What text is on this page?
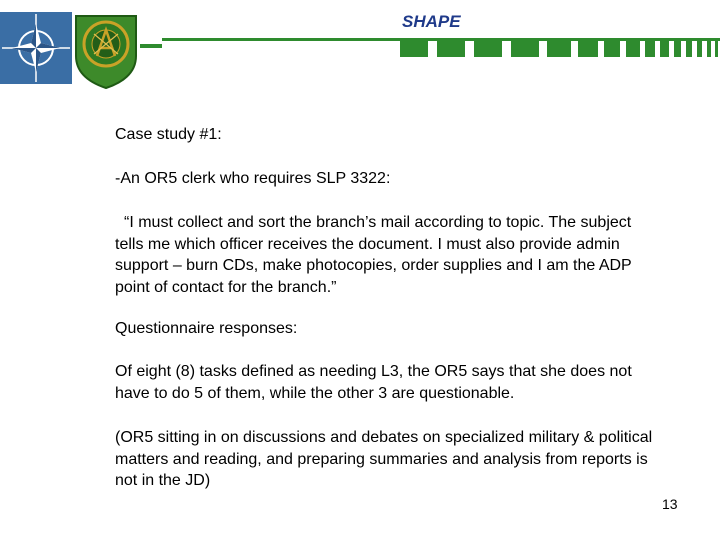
SHAPE
Case study #1:
-An OR5 clerk who requires SLP 3322:
“I must collect and sort the branch’s mail according to topic. The subject tells me which officer receives the document. I must also provide admin support – burn CDs, make photocopies, order supplies and I am the ADP point of contact for the branch.”
Questionnaire responses:
Of eight (8) tasks defined as needing L3, the OR5 says that she does not have to do 5 of them, while the other 3 are questionable.
(OR5 sitting in on discussions and debates on specialized military & political matters and reading, and preparing summaries and analysis from reports is not in the JD)
13
